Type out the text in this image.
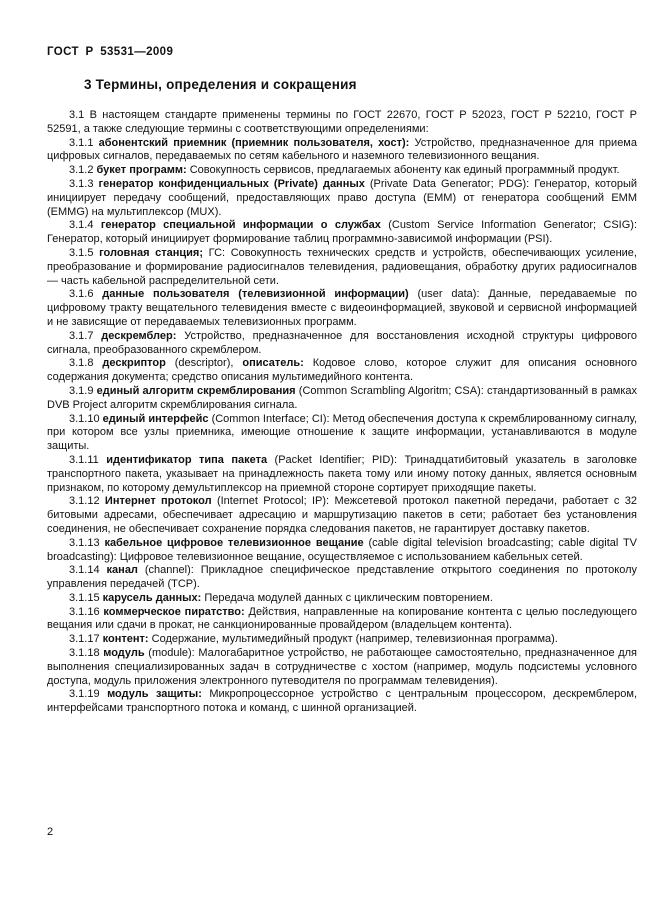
ГОСТ Р 53531—2009
3 Термины, определения и сокращения

3.1 В настоящем стандарте применены термины по ГОСТ 22670, ГОСТ Р 52023, ГОСТ Р 52210, ГОСТ Р 52591, а также следующие термины с соответствующими определениями:

3.1.1 абонентский приемник (приемник пользователя, хост): Устройство, предназначенное для приема цифровых сигналов, передаваемых по сетям кабельного и наземного телевизионного вещания.

3.1.2 букет программ: Совокупность сервисов, предлагаемых абоненту как единый программный продукт.

3.1.3 генератор конфиденциальных (Private) данных (Private Data Generator; PDG): Генератор, который инициирует передачу сообщений, предоставляющих право доступа (EMM) от генератора сообщений EMM (EMMG) на мультиплексор (MUX).

3.1.4 генератор специальной информации о службах (Custom Service Information Generator; CSIG): Генератор, который инициирует формирование таблиц программно-зависимой информации (PSI).

3.1.5 головная станция; ГС: Совокупность технических средств и устройств, обеспечивающих усиление, преобразование и формирование радиосигналов телевидения, радиовещания, обработку других радиосигналов — часть кабельной распределительной сети.

3.1.6 данные пользователя (телевизионной информации) (user data): Данные, передаваемые по цифровому тракту вещательного телевидения вместе с видеоинформацией, звуковой и сервисной информацией и не зависящие от передаваемых телевизионных программ.

3.1.7 дескремблер: Устройство, предназначенное для восстановления исходной структуры цифрового сигнала, преобразованного скремблером.

3.1.8 дескриптор (descriptor), описатель: Кодовое слово, которое служит для описания основного содержания документа; средство описания мультимедийного контента.

3.1.9 единый алгоритм скремблирования (Common Scrambling Algoritm; CSA): стандартизованный в рамках DVB Project алгоритм скремблирования сигнала.

3.1.10 единый интерфейс (Common Interface; CI): Метод обеспечения доступа к скремблированному сигналу, при котором все узлы приемника, имеющие отношение к защите информации, устанавливаются в модуле защиты.

3.1.11 идентификатор типа пакета (Packet Identifier; PID): Тринадцатибитовый указатель в заголовке транспортного пакета, указывает на принадлежность пакета тому или иному потоку данных, является основным признаком, по которому демультиплексор на приемной стороне сортирует приходящие пакеты.

3.1.12 Интернет протокол (Internet Protocol; IP): Межсетевой протокол пакетной передачи, работает с 32 битовыми адресами, обеспечивает адресацию и маршрутизацию пакетов в сети; работает без установления соединения, не обеспечивает сохранение порядка следования пакетов, не гарантирует доставку пакетов.

3.1.13 кабельное цифровое телевизионное вещание (cable digital television broadcasting; cable digital TV broadcasting): Цифровое телевизионное вещание, осуществляемое с использованием кабельных сетей.

3.1.14 канал (channel): Прикладное специфическое представление открытого соединения по протоколу управления передачей (TCP).

3.1.15 карусель данных: Передача модулей данных с циклическим повторением.

3.1.16 коммерческое пиратство: Действия, направленные на копирование контента с целью последующего вещания или сдачи в прокат, не санкционированные провайдером (владельцем контента).

3.1.17 контент: Содержание, мультимедийный продукт (например, телевизионная программа).

3.1.18 модуль (module): Малогабаритное устройство, не работающее самостоятельно, предназначенное для выполнения специализированных задач в сотрудничестве с хостом (например, модуль подсистемы условного доступа, модуль приложения электронного путеводителя по программам телевидения).

3.1.19 модуль защиты: Микропроцессорное устройство с центральным процессором, дескремблером, интерфейсами транспортного потока и команд, с шинной организацией.

2
